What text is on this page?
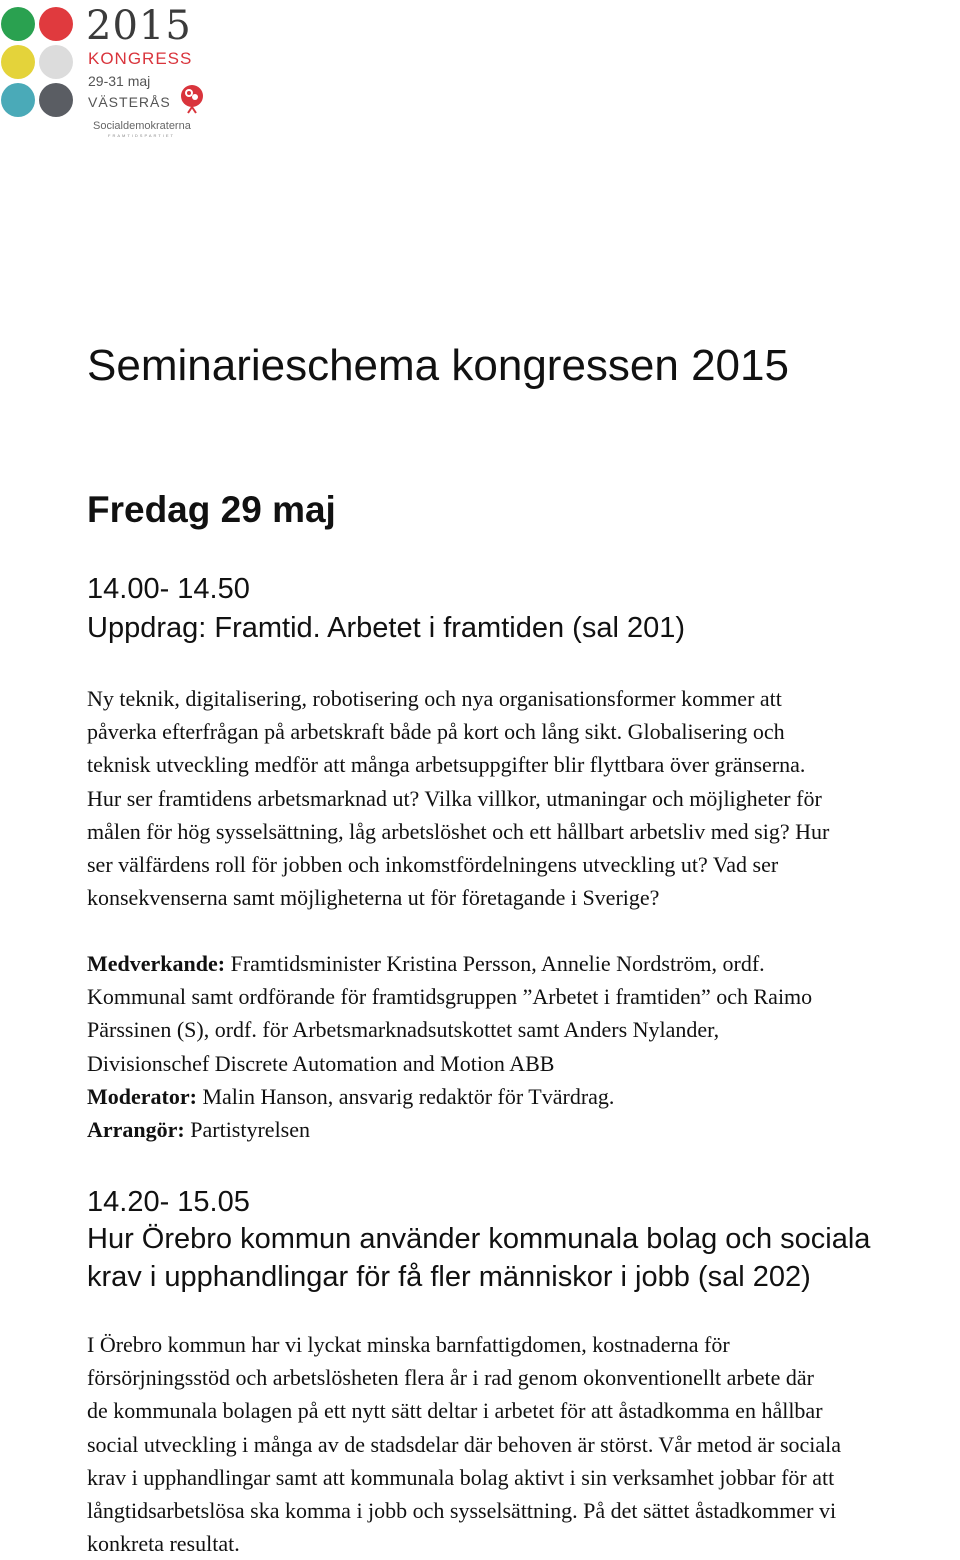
2015
KONGRESS
29-31 maj
VÄSTERÅS
Socialdemokraterna
FRAMTIDSPARTIET
Seminarieschema kongressen 2015
Fredag 29 maj
14.00- 14.50
Uppdrag: Framtid. Arbetet i framtiden (sal 201)
Ny teknik, digitalisering, robotisering och nya organisationsformer kommer att
påverka efterfrågan på arbetskraft både på kort och lång sikt. Globalisering och
teknisk utveckling medför att många arbetsuppgifter blir flyttbara över gränserna.
Hur ser framtidens arbetsmarknad ut? Vilka villkor, utmaningar och möjligheter för
målen för hög sysselsättning, låg arbetslöshet och ett hållbart arbetsliv med sig? Hur
ser välfärdens roll för jobben och inkomstfördelningens utveckling ut? Vad ser
konsekvenserna samt möjligheterna ut för företagande i Sverige?
Medverkande: Framtidsminister Kristina Persson, Annelie Nordström, ordf.
Kommunal samt ordförande för framtidsgruppen ”Arbetet i framtiden” och Raimo
Pärssinen (S), ordf. för Arbetsmarknadsutskottet samt Anders Nylander,
Divisionschef Discrete Automation and Motion ABB
Moderator: Malin Hanson, ansvarig redaktör för Tvärdrag.
Arrangör: Partistyrelsen
14.20- 15.05
Hur Örebro kommun använder kommunala bolag och sociala
krav i upphandlingar för få fler människor i jobb (sal 202)
I Örebro kommun har vi lyckat minska barnfattigdomen, kostnaderna för
försörjningsstöd och arbetslösheten flera år i rad genom okonventionellt arbete där
de kommunala bolagen på ett nytt sätt deltar i arbetet för att åstadkomma en hållbar
social utveckling i många av de stadsdelar där behoven är störst. Vår metod är sociala
krav i upphandlingar samt att kommunala bolag aktivt i sin verksamhet jobbar för att
långtidsarbetslösa ska komma i jobb och sysselsättning. På det sättet åstadkommer vi
konkreta resultat.
